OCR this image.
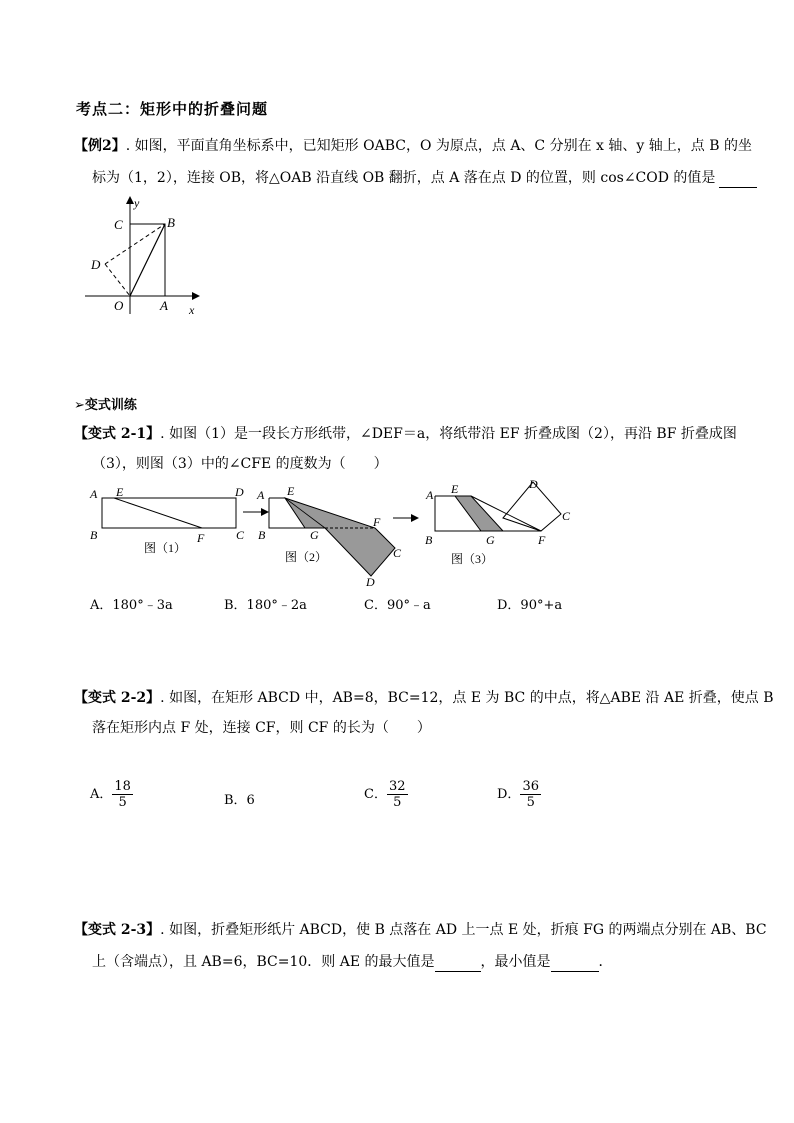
考点二：矩形中的折叠问题
【例2】. 如图，平面直角坐标系中，已知矩形 OABC，O 为原点，点 A、C 分别在 x 轴、y 轴上，点 B 的坐
标为（1，2），连接 OB，将△OAB 沿直线 OB 翻折，点 A 落在点 D 的位置，则 cos∠COD 的值是
y
x
C	B
D
O	A
➢变式训练
【变式 2-1】. 如图（1）是一段长方形纸带，∠DEF＝a，将纸带沿 EF 折叠成图（2），再沿 BF 折叠成图
（3），则图（3）中的∠CFE 的度数为（　　）
A E	D
B	F	C
图（1）
A E
F
B	G
C
D
图（2）
A E	D
C
B	G	F
图（3）
A．180°﹣3a	B．180°﹣2a	C．90°﹣a	D．90°+a
【变式 2-2】. 如图，在矩形 ABCD 中，AB=8，BC=12，点 E 为 BC 的中点，将△ABE 沿 AE 折叠，使点 B
落在矩形内点 F 处，连接 CF，则 CF 的长为（　　）
A． $\frac{18}{5}$	B．6	C． $\frac{32}{5}$	D． $\frac{36}{5}$
【变式 2-3】. 如图，折叠矩形纸片 ABCD，使 B 点落在 AD 上一点 E 处，折痕 FG 的两端点分别在 AB、BC
上（含端点），且 AB=6，BC=10．则 AE 的最大值是	，最小值是	．
